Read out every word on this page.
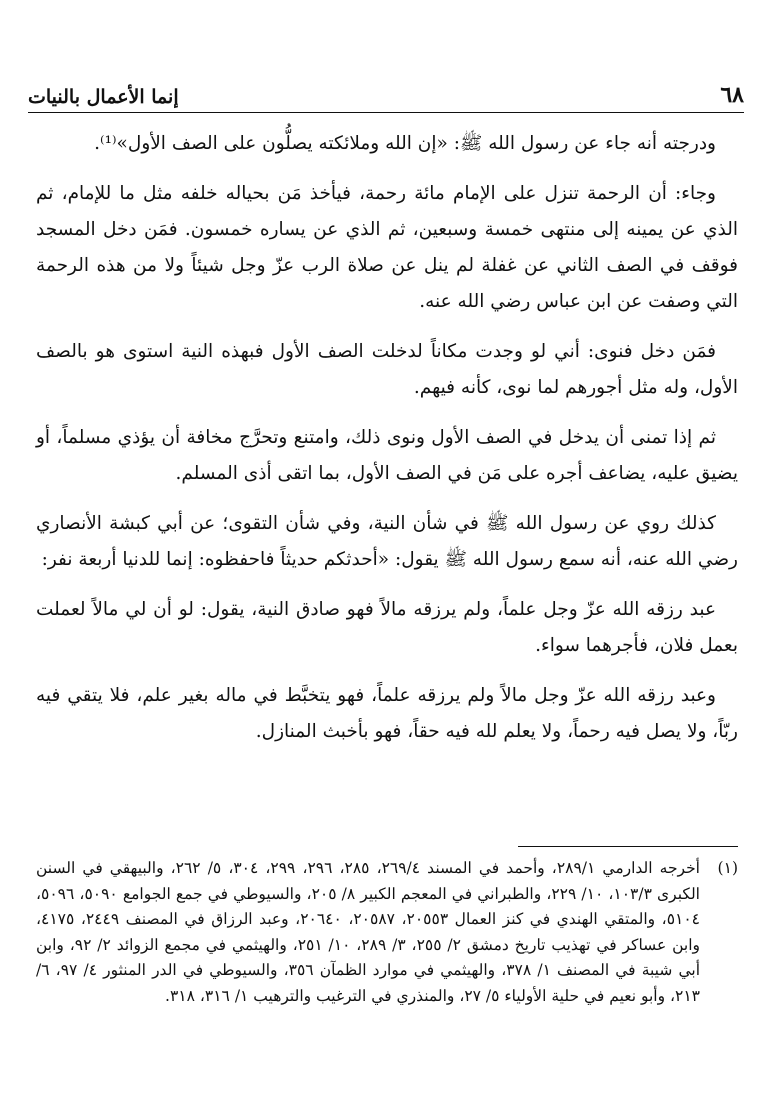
٦٨
إنما الأعمال بالنيات

ودرجته أنه جاء عن رسول الله ﷺ: «إن الله وملائكته يصلُّون على الصف الأول»⁽¹⁾.

وجاء: أن الرحمة تنزل على الإمام مائة رحمة، فيأخذ مَن بحياله خلفه مثل ما للإمام، ثم الذي عن يمينه إلى منتهى خمسة وسبعين، ثم الذي عن يساره خمسون. فمَن دخل المسجد فوقف في الصف الثاني عن غفلة لم ينل عن صلاة الرب عزّ وجل شيئاً ولا من هذه الرحمة التي وصفت عن ابن عباس رضي الله عنه.

فمَن دخل فنوى: أني لو وجدت مكاناً لدخلت الصف الأول فبهذه النية استوى هو بالصف الأول، وله مثل أجورهم لما نوى، كأنه فيهم.

ثم إذا تمنى أن يدخل في الصف الأول ونوى ذلك، وامتنع وتحرَّج مخافة أن يؤذي مسلماً، أو يضيق عليه، يضاعف أجره على مَن في الصف الأول، بما اتقى أذى المسلم.

كذلك روي عن رسول الله ﷺ في شأن النية، وفي شأن التقوى؛ عن أبي كبشة الأنصاري رضي الله عنه، أنه سمع رسول الله ﷺ يقول: «أحدثكم حديثاً فاحفظوه: إنما للدنيا أربعة نفر:

عبد رزقه الله عزّ وجل علماً، ولم يرزقه مالاً فهو صادق النية، يقول: لو أن لي مالاً لعملت بعمل فلان، فأجرهما سواء.

وعبد رزقه الله عزّ وجل مالاً ولم يرزقه علماً، فهو يتخبَّط في ماله بغير علم، فلا يتقي فيه ربّاً، ولا يصل فيه رحماً، ولا يعلم لله فيه حقاً، فهو بأخبث المنازل.

(١)
أخرجه الدارمي ٢٨٩/١، وأحمد في المسند ٢٦٩/٤، ٢٨٥، ٢٩٦، ٢٩٩، ٣٠٤، ٥/ ٢٦٢، والبيهقي في السنن الكبرى ١٠٣/٣، ١٠/ ٢٢٩، والطبراني في المعجم الكبير ٨/ ٢٠٥، والسيوطي في جمع الجوامع ٥٠٩٠، ٥٠٩٦، ٥١٠٤، والمتقي الهندي في كنز العمال ٢٠٥٥٣، ٢٠٥٨٧، ٢٠٦٤٠، وعبد الرزاق في المصنف ٢٤٤٩، ٤١٧٥، وابن عساكر في تهذيب تاريخ دمشق ٢/ ٢٥٥، ٣/ ٢٨٩، ١٠/ ٢٥١، والهيثمي في مجمع الزوائد ٢/ ٩٢، وابن أبي شيبة في المصنف ١/ ٣٧٨، والهيثمي في موارد الظمآن ٣٥٦، والسيوطي في الدر المنثور ٤/ ٩٧، ٦/ ٢١٣، وأبو نعيم في حلية الأولياء ٥/ ٢٧، والمنذري في الترغيب والترهيب ١/ ٣١٦، ٣١٨.
